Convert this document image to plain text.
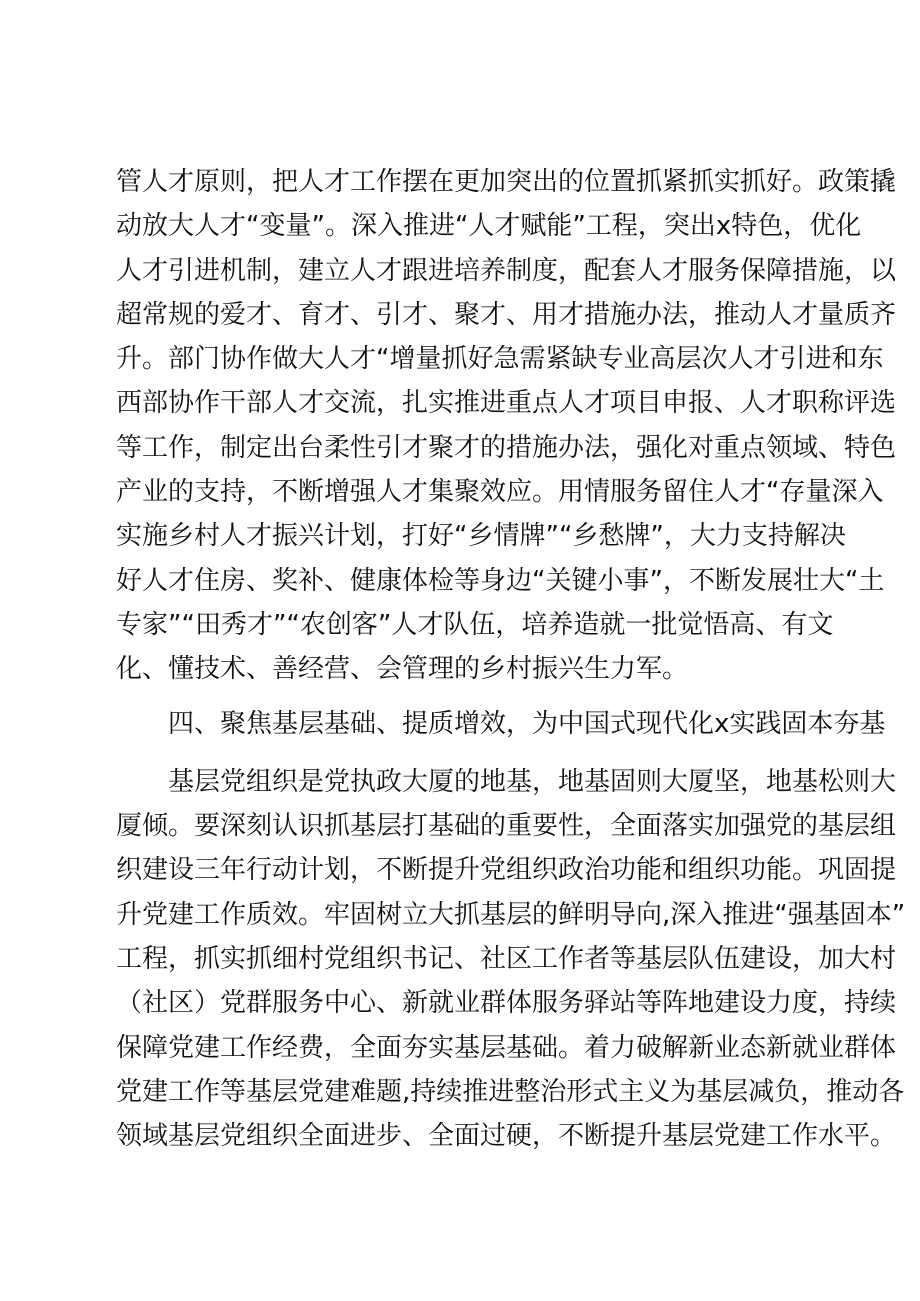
管人才原则，把人才工作摆在更加突出的位置抓紧抓实抓好。政策撬
动放大人才“变量”。深入推进“人才赋能”工程，突出x特色，优化
人才引进机制，建立人才跟进培养制度，配套人才服务保障措施，以
超常规的爱才、育才、引才、聚才、用才措施办法，推动人才量质齐
升。部门协作做大人才“增量抓好急需紧缺专业高层次人才引进和东
西部协作干部人才交流，扎实推进重点人才项目申报、人才职称评选
等工作，制定出台柔性引才聚才的措施办法，强化对重点领域、特色
产业的支持，不断增强人才集聚效应。用情服务留住人才“存量深入
实施乡村人才振兴计划，打好“乡情牌”“乡愁牌”，大力支持解决
好人才住房、奖补、健康体检等身边“关键小事”，不断发展壮大“土
专家”“田秀才”“农创客”人才队伍，培养造就一批觉悟高、有文
化、懂技术、善经营、会管理的乡村振兴生力军。
四、聚焦基层基础、提质增效，为中国式现代化x实践固本夯基
基层党组织是党执政大厦的地基，地基固则大厦坚，地基松则大
厦倾。要深刻认识抓基层打基础的重要性，全面落实加强党的基层组
织建设三年行动计划，不断提升党组织政治功能和组织功能。巩固提
升党建工作质效。牢固树立大抓基层的鲜明导向,深入推进“强基固本”
工程，抓实抓细村党组织书记、社区工作者等基层队伍建设，加大村
（社区）党群服务中心、新就业群体服务驿站等阵地建设力度，持续
保障党建工作经费，全面夯实基层基础。着力破解新业态新就业群体
党建工作等基层党建难题,持续推进整治形式主义为基层减负，推动各
领域基层党组织全面进步、全面过硬，不断提升基层党建工作水平。
